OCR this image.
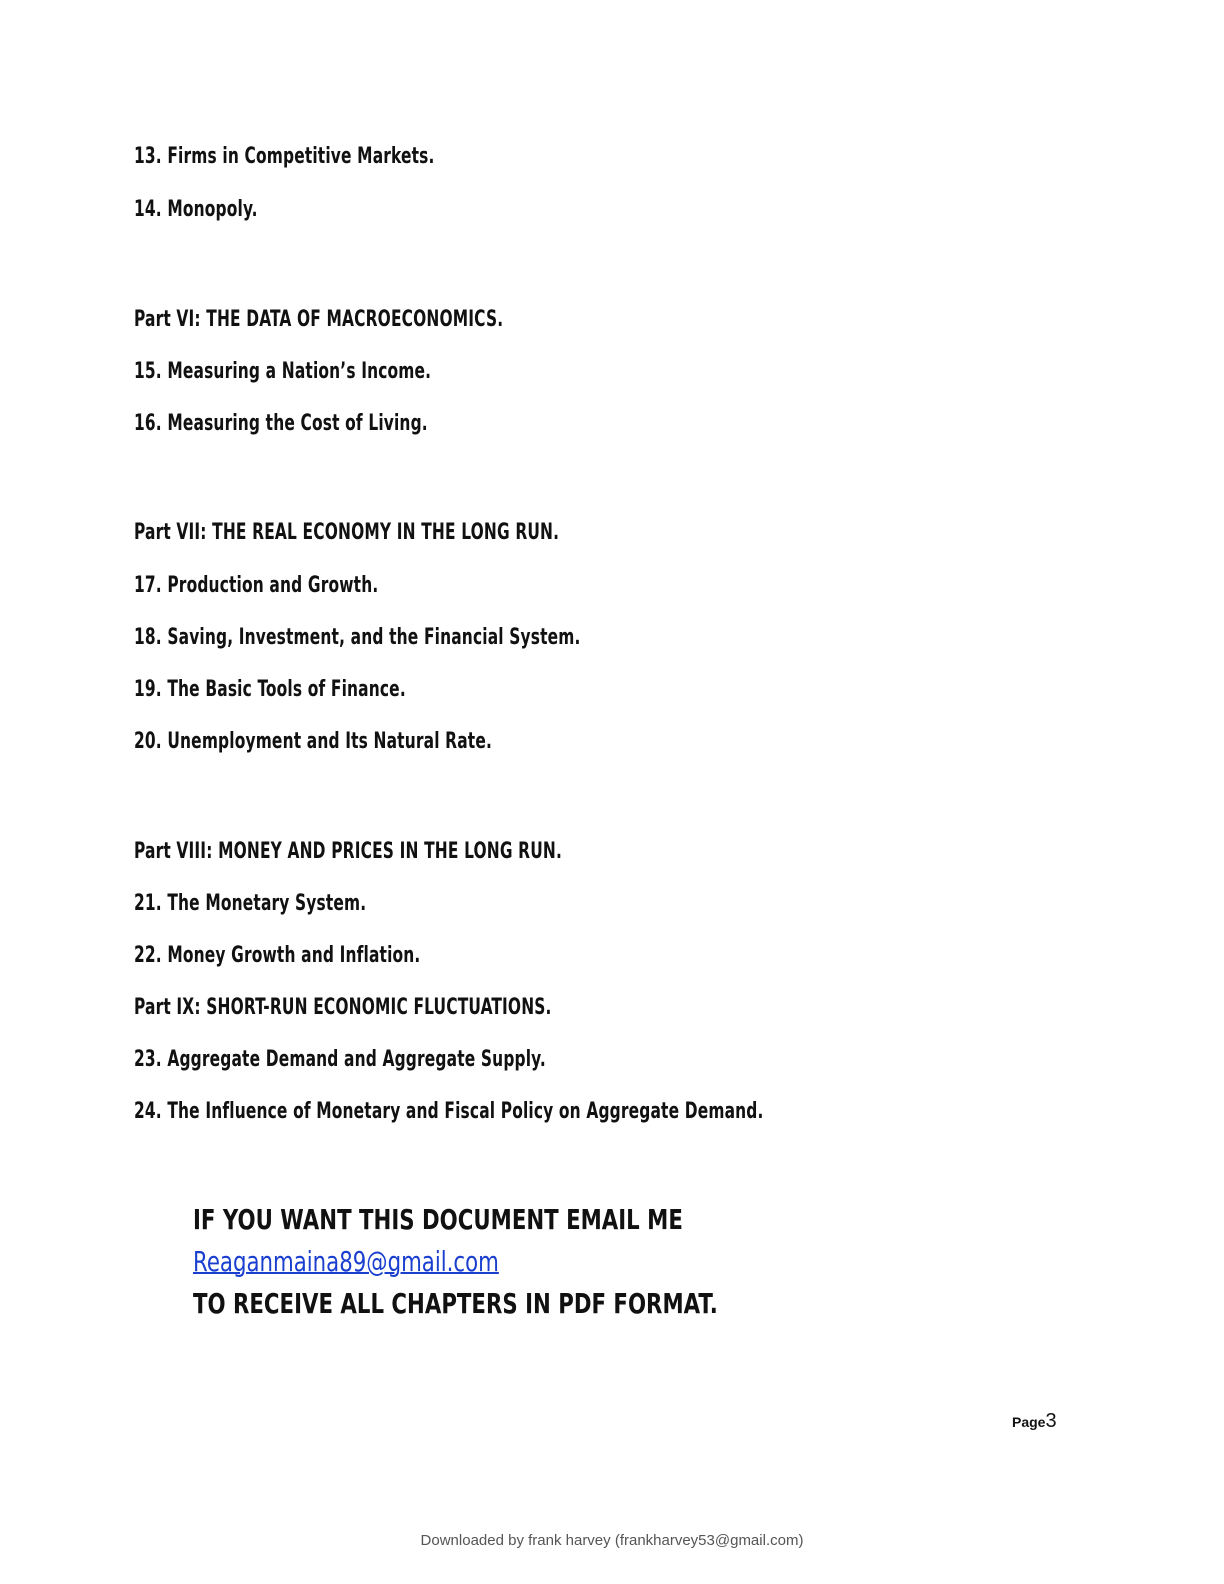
13. Firms in Competitive Markets.
14. Monopoly.
Part VI: THE DATA OF MACROECONOMICS.
15. Measuring a Nation’s Income.
16. Measuring the Cost of Living.
Part VII: THE REAL ECONOMY IN THE LONG RUN.
17. Production and Growth.
18. Saving, Investment, and the Financial System.
19. The Basic Tools of Finance.
20. Unemployment and Its Natural Rate.
Part VIII: MONEY AND PRICES IN THE LONG RUN.
21. The Monetary System.
22. Money Growth and Inflation.
Part IX: SHORT-RUN ECONOMIC FLUCTUATIONS.
23. Aggregate Demand and Aggregate Supply.
24. The Influence of Monetary and Fiscal Policy on Aggregate Demand.
IF YOU WANT THIS DOCUMENT EMAIL ME
Reaganmaina89@gmail.com
TO RECEIVE ALL CHAPTERS IN PDF FORMAT.
Page3
Downloaded by frank harvey (frankharvey53@gmail.com)
